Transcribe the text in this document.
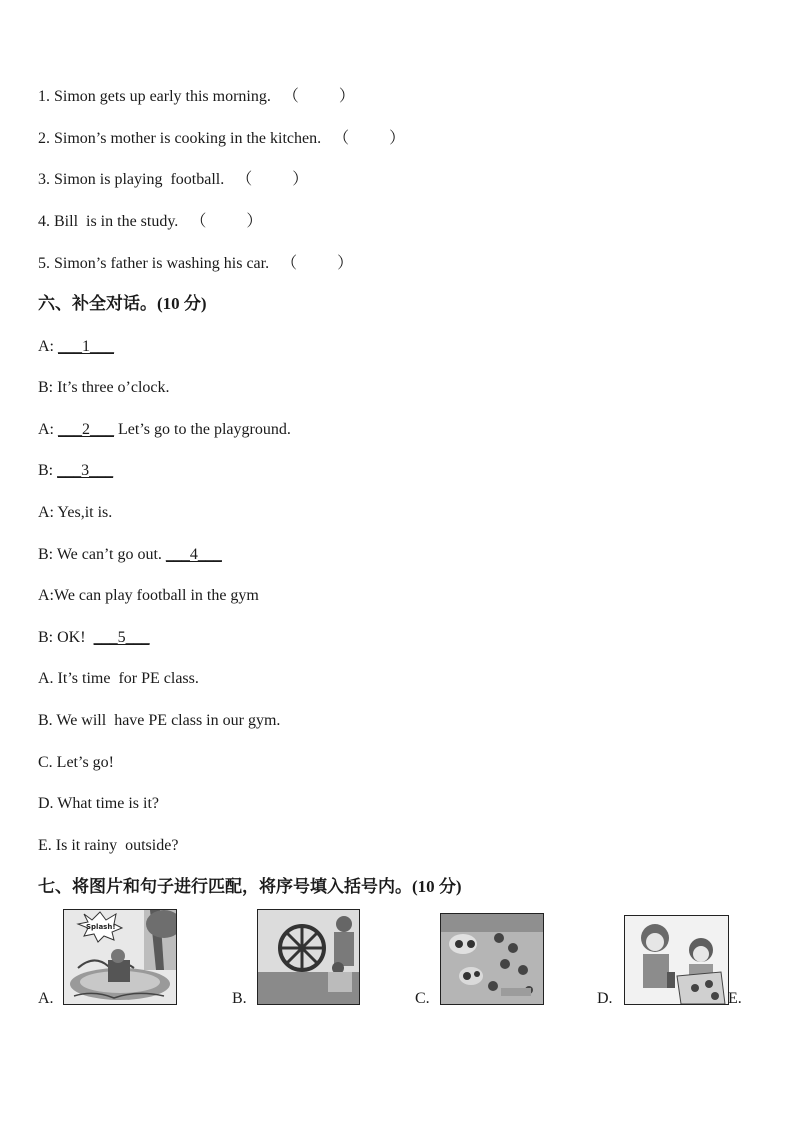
1. Simon gets up early this morning. （          ）
2. Simon’s mother is cooking in the kitchen. （          ）
3. Simon is playing  football. （          ）
4. Bill  is in the study. （          ）
5. Simon’s father is washing his car. （          ）
六、补全对话。(10 分)
A: ___1___
B: It’s three o’clock.
A: ___2___ Let’s go to the playground.
B: ___3___
A: Yes,it is.
B: We can’t go out. ___4___
A:We can play football in the gym
B: OK!  ___5___
A. It’s time  for PE class.
B. We will  have PE class in our gym.
C. Let’s go!
D. What time is it?
E. Is it rainy  outside?
七、将图片和句子进行匹配，将序号填入括号内。(10 分)
A.
Splash!
B.	C.	D.	E.
